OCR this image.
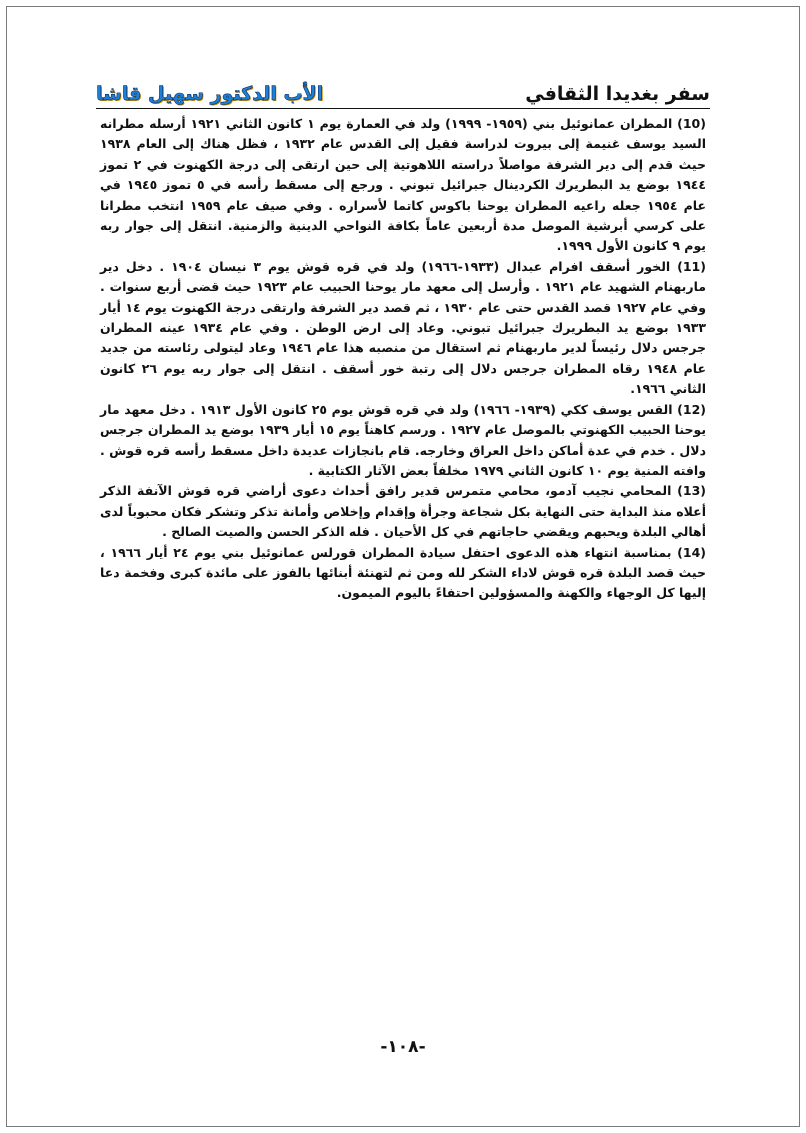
سفر بغديدا الثقافي
الأب الدكتور سهيل قاشا

(10) المطران عمانوئيل بني (١٩٥٩- ١٩٩٩) ولد في العمارة يوم ١ كانون الثاني ١٩٢١ أرسله مطرانه السيد يوسف غنيمة إلى بيروت لدراسة فقيل إلى القدس عام ١٩٣٢ ، فظل هناك إلى العام ١٩٣٨ حيث قدم إلى دير الشرفة مواصلاً دراسته اللاهوتية إلى حين ارتقى إلى درجة الكهنوت في ٢ تموز ١٩٤٤ بوضع يد البطريرك الكردينال جبرائيل تبوني . ورجع إلى مسقط رأسه في ٥ تموز ١٩٤٥ في عام ١٩٥٤ جعله راعيه المطران يوحنا باكوس كاتما لأسراره . وفي صيف عام ١٩٥٩ انتخب مطرانا على كرسي أبرشية الموصل مدة أربعين عاماً بكافة النواحي الدينية والزمنية. انتقل إلى جوار ربه يوم ٩ كانون الأول ١٩٩٩.

(11) الخور أسقف افرام عبدال (١٩٣٣-١٩٦٦) ولد في قره قوش يوم ٣ نيسان ١٩٠٤ . دخل دير ماربهنام الشهيد عام ١٩٢١ . وأرسل إلى معهد مار يوحنا الحبيب عام ١٩٢٣ حيث قضى أربع سنوات . وفي عام ١٩٢٧ قصد القدس حتى عام ١٩٣٠ ، ثم قصد دير الشرفة وارتقى درجة الكهنوت يوم ١٤ أيار ١٩٣٣ بوضع يد البطريرك جبرائيل تبوني. وعاد إلى ارض الوطن . وفي عام ١٩٣٤ عينه المطران جرجس دلال رئيساً لدير ماربهنام ثم استقال من منصبه هذا عام ١٩٤٦ وعاد ليتولى رئاسته من جديد عام ١٩٤٨ رقاه المطران جرجس دلال إلى رتبة خور أسقف . انتقل إلى جوار ربه يوم ٢٦ كانون الثاني ١٩٦٦.

(12) القس يوسف ككي (١٩٣٩- ١٩٦٦) ولد في قره قوش يوم ٢٥ كانون الأول ١٩١٣ . دخل معهد مار يوحنا الحبيب الكهنوتي بالموصل عام ١٩٢٧ . ورسم كاهناً يوم ١٥ أيار ١٩٣٩ بوضع يد المطران جرجس دلال . خدم في عدة أماكن داخل العراق وخارجه. قام بانجازات عديدة داخل مسقط رأسه قره قوش . وافته المنية يوم ١٠ كانون الثاني ١٩٧٩ مخلفاً بعض الآثار الكتابية .

(13) المحامي نجيب آدمو، محامي متمرس قدير رافق أحداث دعوى أراضي قره قوش الآنفة الذكر أعلاه منذ البداية حتى النهاية بكل شجاعة وجرأة وإقدام وإخلاص وأمانة تذكر وتشكر فكان محبوباً لدى أهالي البلدة ويحبهم ويقضي حاجاتهم في كل الأحيان . فله الذكر الحسن والصيت الصالح .

(14) بمناسبة انتهاء هذه الدعوى احتفل سيادة المطران قورلس عمانوئيل بني يوم ٢٤ أيار ١٩٦٦ ، حيث قصد البلدة قره قوش لاداء الشكر لله ومن ثم لتهنئة أبنائها بالفوز على مائدة كبرى وفخمة دعا إليها كل الوجهاء والكهنة والمسؤولين احتفاءً باليوم الميمون.

-١٠٨-
